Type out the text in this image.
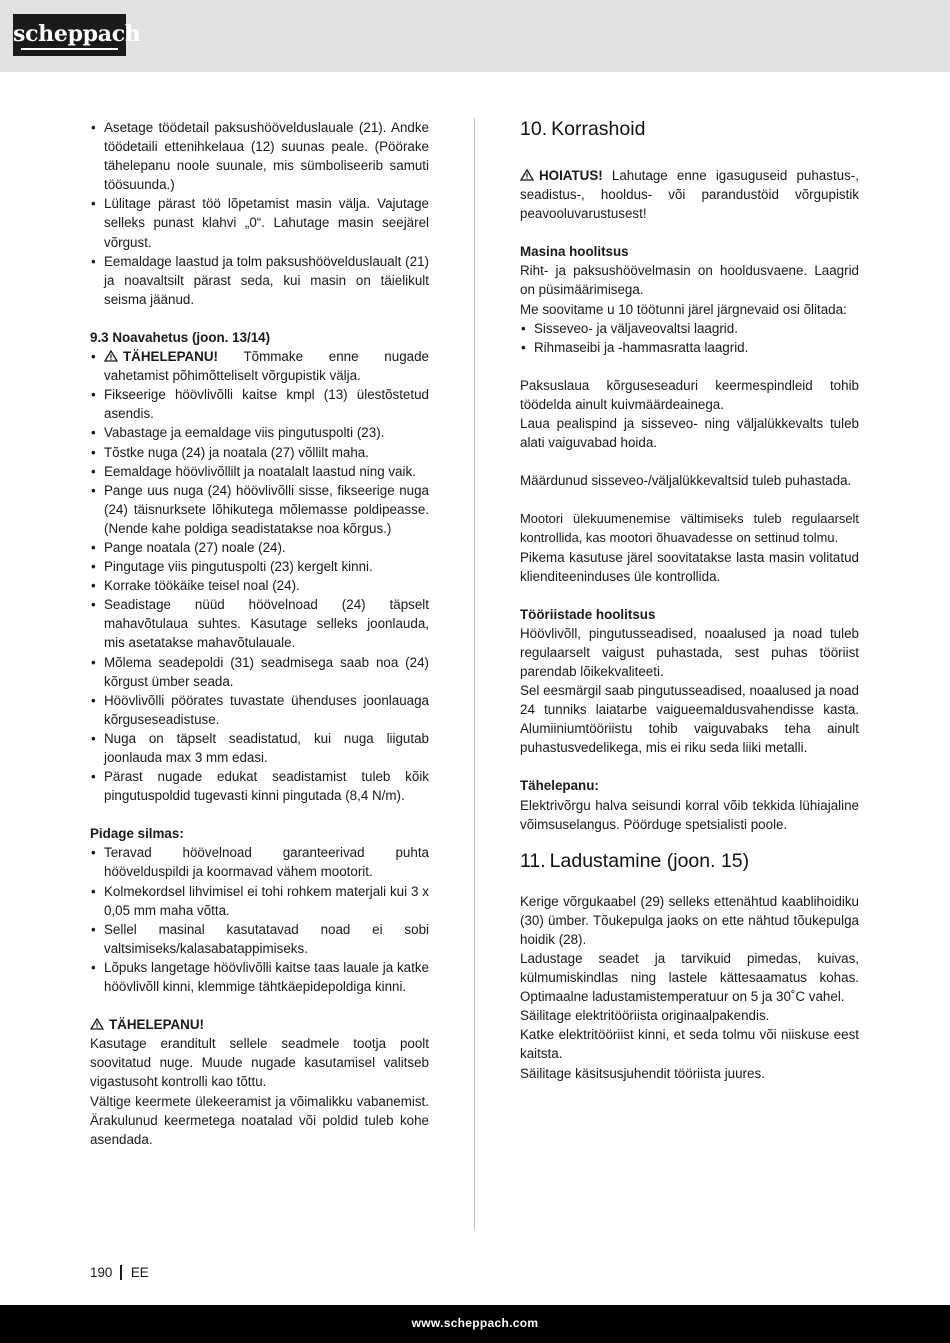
scheppach
• Asetage töödetail paksushöövelduslauale (21). Andke töödetaili ettenihkelaua (12) suunas peale. (Pöörake tähelepanu noole suunale, mis sümboliseerib samuti töösuunda.)
• Lülitage pärast töö lõpetamist masin välja. Vajutage selleks punast klahvi „0“. Lahutage masin seejärel võrgust.
• Eemaldage laastud ja tolm paksushöövelduslaualt (21) ja noavaltsilt pärast seda, kui masin on täielikult seisma jäänud.
9.3 Noavahetus (joon. 13/14)
• TÄHELEPANU! Tõmmake enne nugade vahetamist põhimõtteliselt võrgupistik välja.
• Fikseerige höövlivõlli kaitse kmpl (13) ülestõstetud asendis.
• Vabastage ja eemaldage viis pingutuspolti (23).
• Tõstke nuga (24) ja noatala (27) võllilt maha.
• Eemaldage höövlivõllilt ja noatalalt laastud ning vaik.
• Pange uus nuga (24) höövlivõlli sisse, fikseerige nuga (24) täisnurksete lõhikutega mõlemasse poldipeasse. (Nende kahe poldiga seadistatakse noa kõrgus.)
• Pange noatala (27) noale (24).
• Pingutage viis pingutuspolti (23) kergelt kinni.
• Korrake töökäike teisel noal (24).
• Seadistage nüüd höövelnoad (24) täpselt mahavõtulaua suhtes. Kasutage selleks joonlauda, mis asetatakse mahavõtulauale.
• Mõlema seadepoldi (31) seadmisega saab noa (24) kõrgust ümber seada.
• Höövlivõlli pöörates tuvastate ühenduses joonlauaga kõrguseseadistuse.
• Nuga on täpselt seadistatud, kui nuga liigutab joonlauda max 3 mm edasi.
• Pärast nugade edukat seadistamist tuleb kõik pingutuspoldid tugevasti kinni pingutada (8,4 N/m).
Pidage silmas:
• Teravad höövelnoad garanteerivad puhta höövelduspildi ja koormavad vähem mootorit.
• Kolmekordsel lihvimisel ei tohi rohkem materjali kui 3 x 0,05 mm maha võtta.
• Sellel masinal kasutatavad noad ei sobi valtsimiseks/kalasabatappimiseks.
• Lõpuks langetage höövlivõlli kaitse taas lauale ja katke höövlivõll kinni, klemmige tähtkäepidepoldiga kinni.
TÄHELEPANU!
Kasutage eranditult sellele seadmele tootja poolt soovitatud nuge. Muude nugade kasutamisel valitseb vigastusoht kontrolli kao tõttu.
Vältige keermete ülekeeramist ja võimalikku vabanemist. Ärakulunud keermetega noatalad või poldid tuleb kohe asendada.
10. Korrashoid
HOIATUS! Lahutage enne igasuguseid puhastus-, seadistus-, hooldus- või parandustöid võrgupistik peavooluvarustusest!
Masina hoolitsus
Riht- ja paksushöövelmasin on hooldusvaene. Laagrid on püsimäärimisega.
Me soovitame u 10 töötunni järel järgnevaid osi õlitada:
• Sisseveo- ja väljaveovaltsi laagrid.
• Rihmaseibi ja -hammasratta laagrid.
Paksuslaua kõrguseseaduri keermespindleid tohib töödelda ainult kuivmäärdeainega.
Laua pealispind ja sisseveo- ning väljalükkevalts tuleb alati vaiguvabad hoida.
Määrdunud sisseveo-/väljalükkevaltsid tuleb puhastada.
Mootori ülekuumenemise vältimiseks tuleb regulaarselt kontrollida, kas mootori õhuavadesse on settinud tolmu.
Pikema kasutuse järel soovitatakse lasta masin volitatud klienditeeninduses üle kontrollida.
Tööriistade hoolitsus
Höövlivõll, pingutusseadised, noaalused ja noad tuleb regulaarselt vaigust puhastada, sest puhas tööriist parendab lõikekvaliteeti.
Sel eesmärgil saab pingutusseadised, noaalused ja noad 24 tunniks laiatarbe vaigueemaldusvahendisse kasta. Alumiiniumtööriistu tohib vaiguvabaks teha ainult puhastusvedelikega, mis ei riku seda liiki metalli.
Tähelepanu:
Elektrivõrgu halva seisundi korral võib tekkida lühiajaline võimsuselangus. Pöörduge spetsialisti poole.
11. Ladustamine (joon. 15)
Kerige võrgukaabel (29) selleks ettenähtud kaablihoidiku (30) ümber. Tõukepulga jaoks on ette nähtud tõukepulga hoidik (28).
Ladustage seadet ja tarvikuid pimedas, kuivas, külmumiskindlas ning lastele kättesaamatus kohas. Optimaalne ladustamistemperatuur on 5 ja 30˚C vahel.
Säilitage elektritööriista originaalpakendis.
Katke elektritööriist kinni, et seda tolmu või niiskuse eest kaitsta.
Säilitage käsitsusjuhendit tööriista juures.
190 EE
www.scheppach.com
